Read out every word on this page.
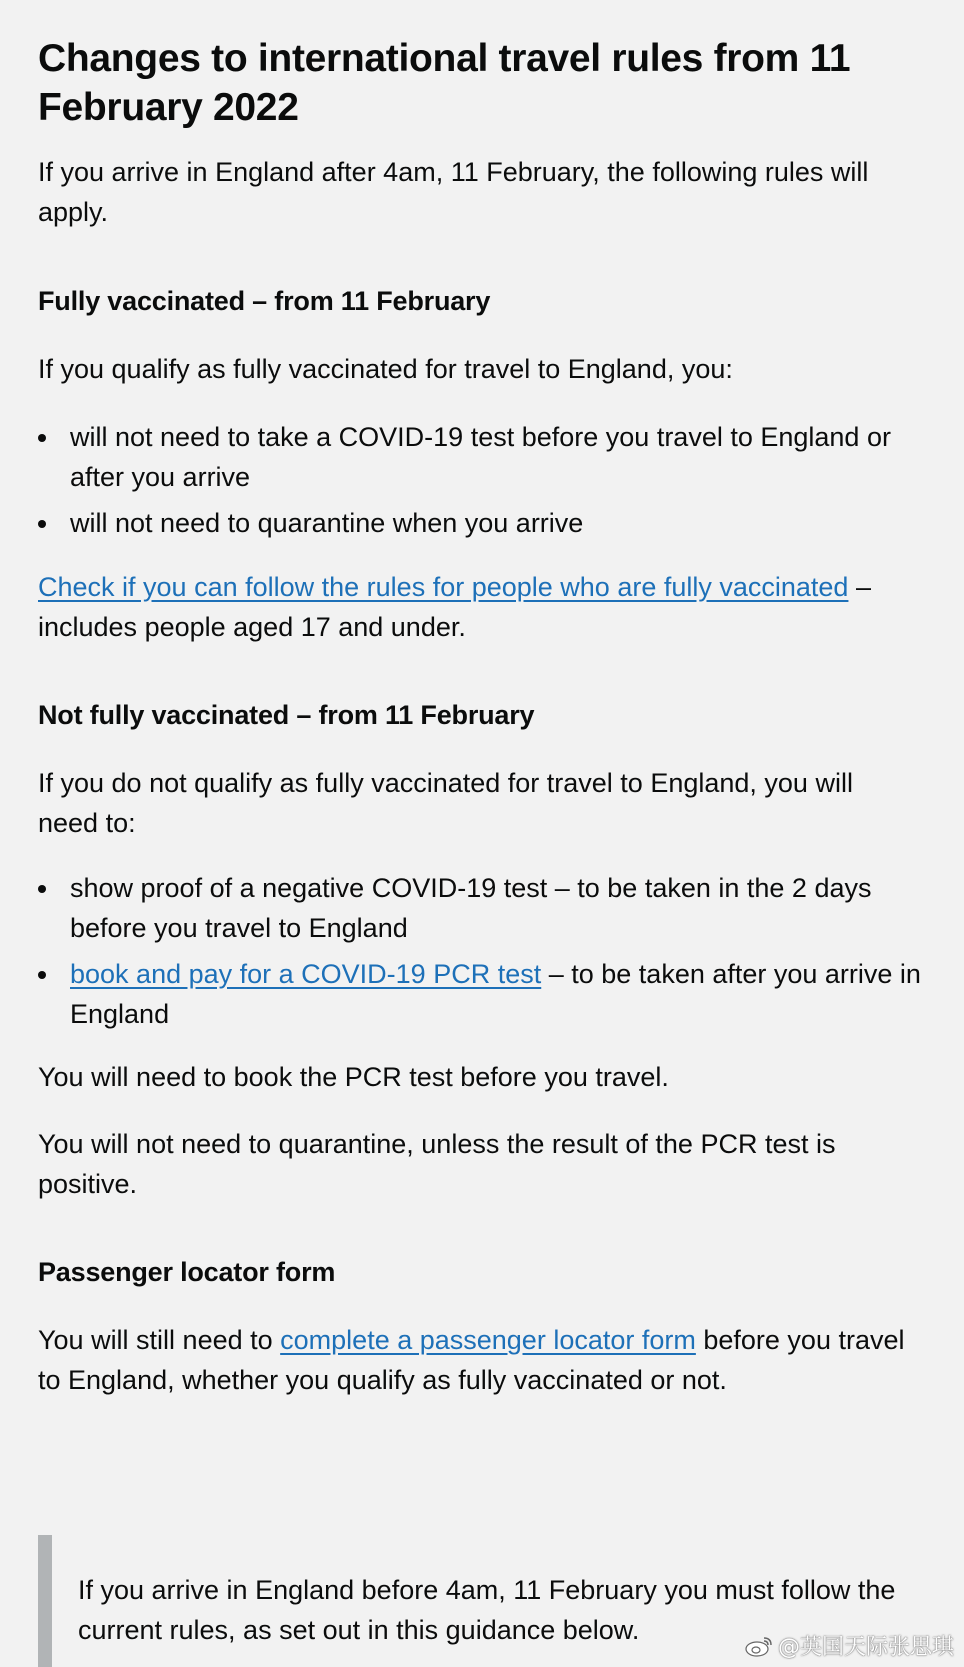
Changes to international travel rules from 11 February 2022

If you arrive in England after 4am, 11 February, the following rules will apply.

Fully vaccinated – from 11 February

If you qualify as fully vaccinated for travel to England, you:

will not need to take a COVID-19 test before you travel to England or after you arrive
will not need to quarantine when you arrive

Check if you can follow the rules for people who are fully vaccinated – includes people aged 17 and under.

Not fully vaccinated – from 11 February

If you do not qualify as fully vaccinated for travel to England, you will need to:

show proof of a negative COVID-19 test – to be taken in the 2 days before you travel to England
book and pay for a COVID-19 PCR test – to be taken after you arrive in England

You will need to book the PCR test before you travel.

You will not need to quarantine, unless the result of the PCR test is positive.

Passenger locator form

You will still need to complete a passenger locator form before you travel to England, whether you qualify as fully vaccinated or not.

If you arrive in England before 4am, 11 February you must follow the current rules, as set out in this guidance below.

@英国天际张思琪
